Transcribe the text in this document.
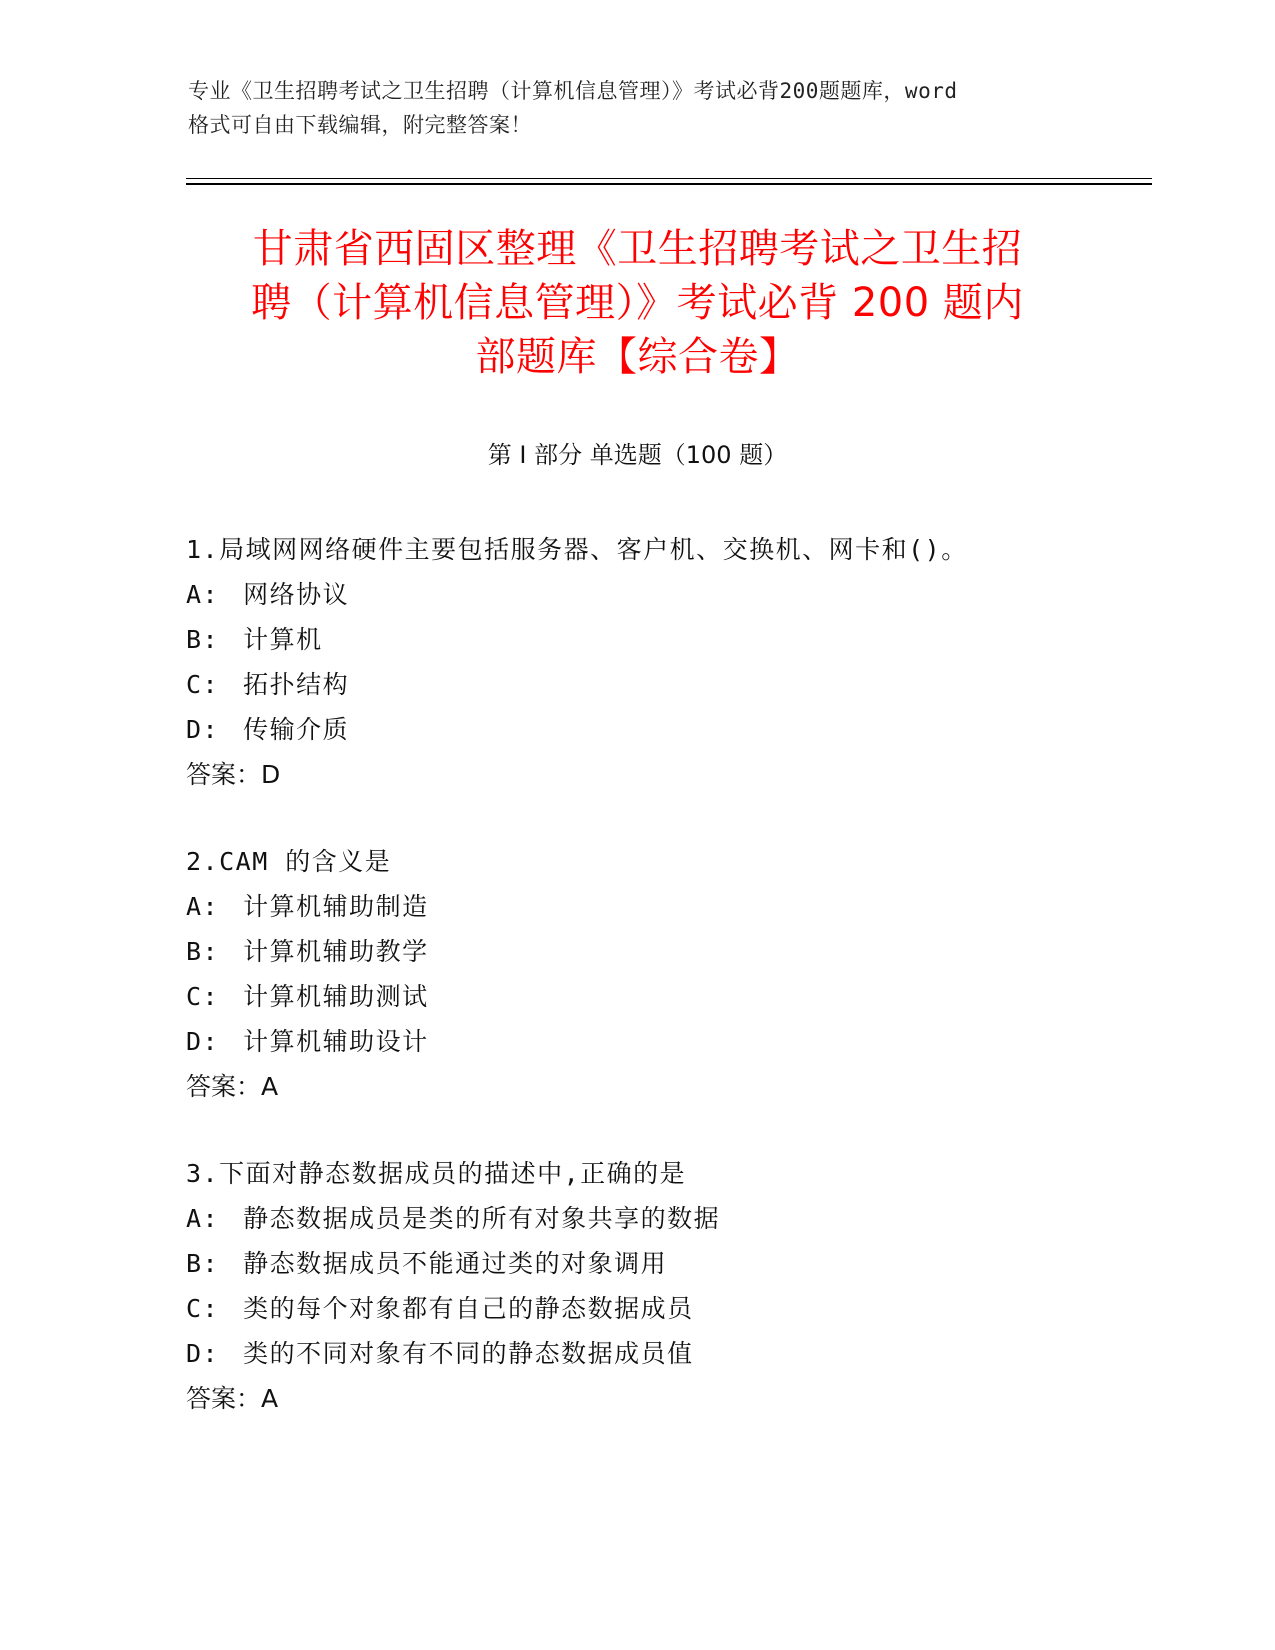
专业《卫生招聘考试之卫生招聘（计算机信息管理）》考试必背200题题库，word
格式可自由下载编辑，附完整答案！
甘肃省西固区整理《卫生招聘考试之卫生招
聘（计算机信息管理）》考试必背 200 题内
部题库【综合卷】
第 I 部分 单选题（100 题）
1.局域网网络硬件主要包括服务器、客户机、交换机、网卡和()。
A: 网络协议
B: 计算机
C: 拓扑结构
D: 传输介质
答案：D
2.CAM 的含义是
A: 计算机辅助制造
B: 计算机辅助教学
C: 计算机辅助测试
D: 计算机辅助设计
答案：A
3.下面对静态数据成员的描述中,正确的是
A: 静态数据成员是类的所有对象共享的数据
B: 静态数据成员不能通过类的对象调用
C: 类的每个对象都有自己的静态数据成员
D: 类的不同对象有不同的静态数据成员值
答案：A
